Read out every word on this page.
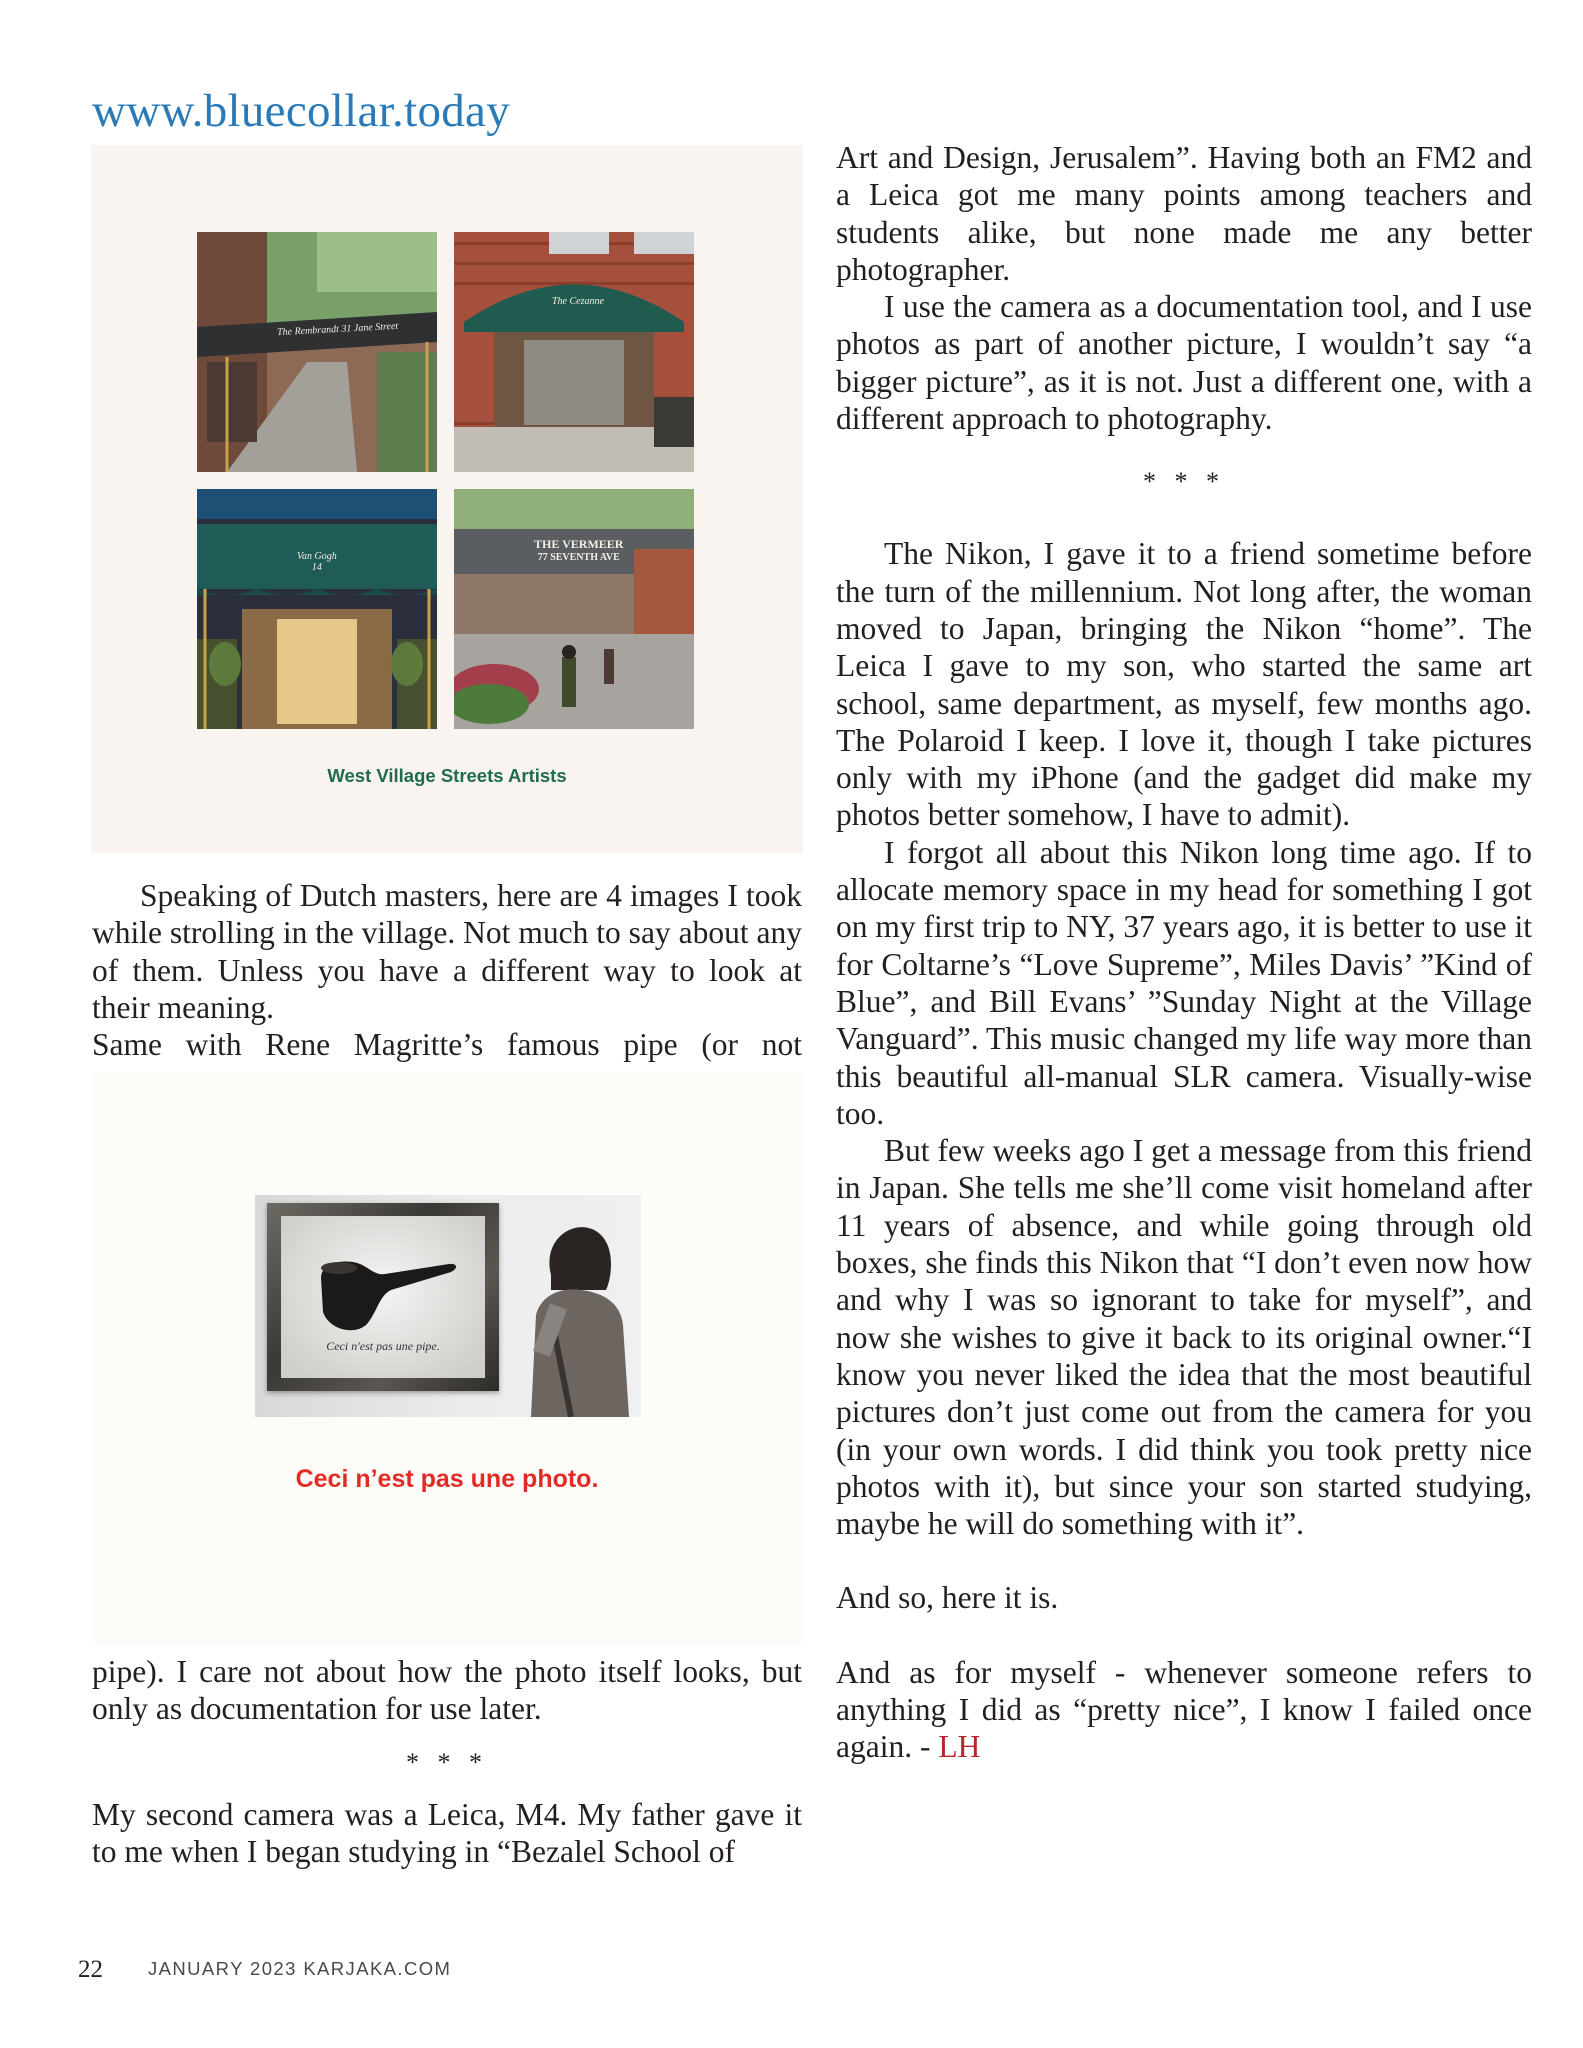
www.bluecollar.today
The Rembrandt 31 Jane Street
The Cezanne
Van Gogh
14
THE VERMEER
77 SEVENTH AVE
West Village Streets Artists

Speaking of Dutch masters, here are 4 images I took while strolling in the village. Not much to say about any of them. Unless you have a different way to look at their meaning.

Same with Rene Magritte’s famous pipe (or not

Ceci n'est pas une pipe.
Ceci n’est pas une photo.

pipe). I care not about how the photo itself looks, but only as documentation for use later.

* * *

My second camera was a Leica, M4. My father gave it to me when I began studying in “Bezalel School of

Art and Design, Jerusalem”. Having both an FM2 and a Leica got me many points among teachers and students alike, but none made me any better photographer.

I use the camera as a documentation tool, and I use photos as part of another picture, I wouldn’t say “a bigger picture”, as it is not. Just a different one, with a different approach to photography.

* * *

The Nikon, I gave it to a friend sometime before the turn of the millennium. Not long after, the woman moved to Japan, bringing the Nikon “home”. The Leica I gave to my son, who started the same art school, same department, as myself, few months ago. The Polaroid I keep. I love it, though I take pictures only with my iPhone (and the gadget did make my photos better somehow, I have to admit).

I forgot all about this Nikon long time ago. If to allocate memory space in my head for something I got on my first trip to NY, 37 years ago, it is better to use it for Coltarne’s “Love Supreme”, Miles Davis’ ”Kind of Blue”, and Bill Evans’ ”Sunday Night at the Village Vanguard”. This music changed my life way more than this beautiful all-manual SLR camera. Visually-wise too.

But few weeks ago I get a message from this friend in Japan. She tells me she’ll come visit homeland after 11 years of absence, and while going through old boxes, she finds this Nikon that “I don’t even now how and why I was so ignorant to take for myself”, and now she wishes to give it back to its original owner.“I know you never liked the idea that the most beautiful pictures don’t just come out from the camera for you (in your own words. I did think you took pretty nice photos with it), but since your son started studying, maybe he will do something with it”.

And so, here it is.

And as for myself - whenever someone refers to anything I did as “pretty nice”, I know I failed once again. - LH

22 JANUARY 2023 KARJAKA.COM
